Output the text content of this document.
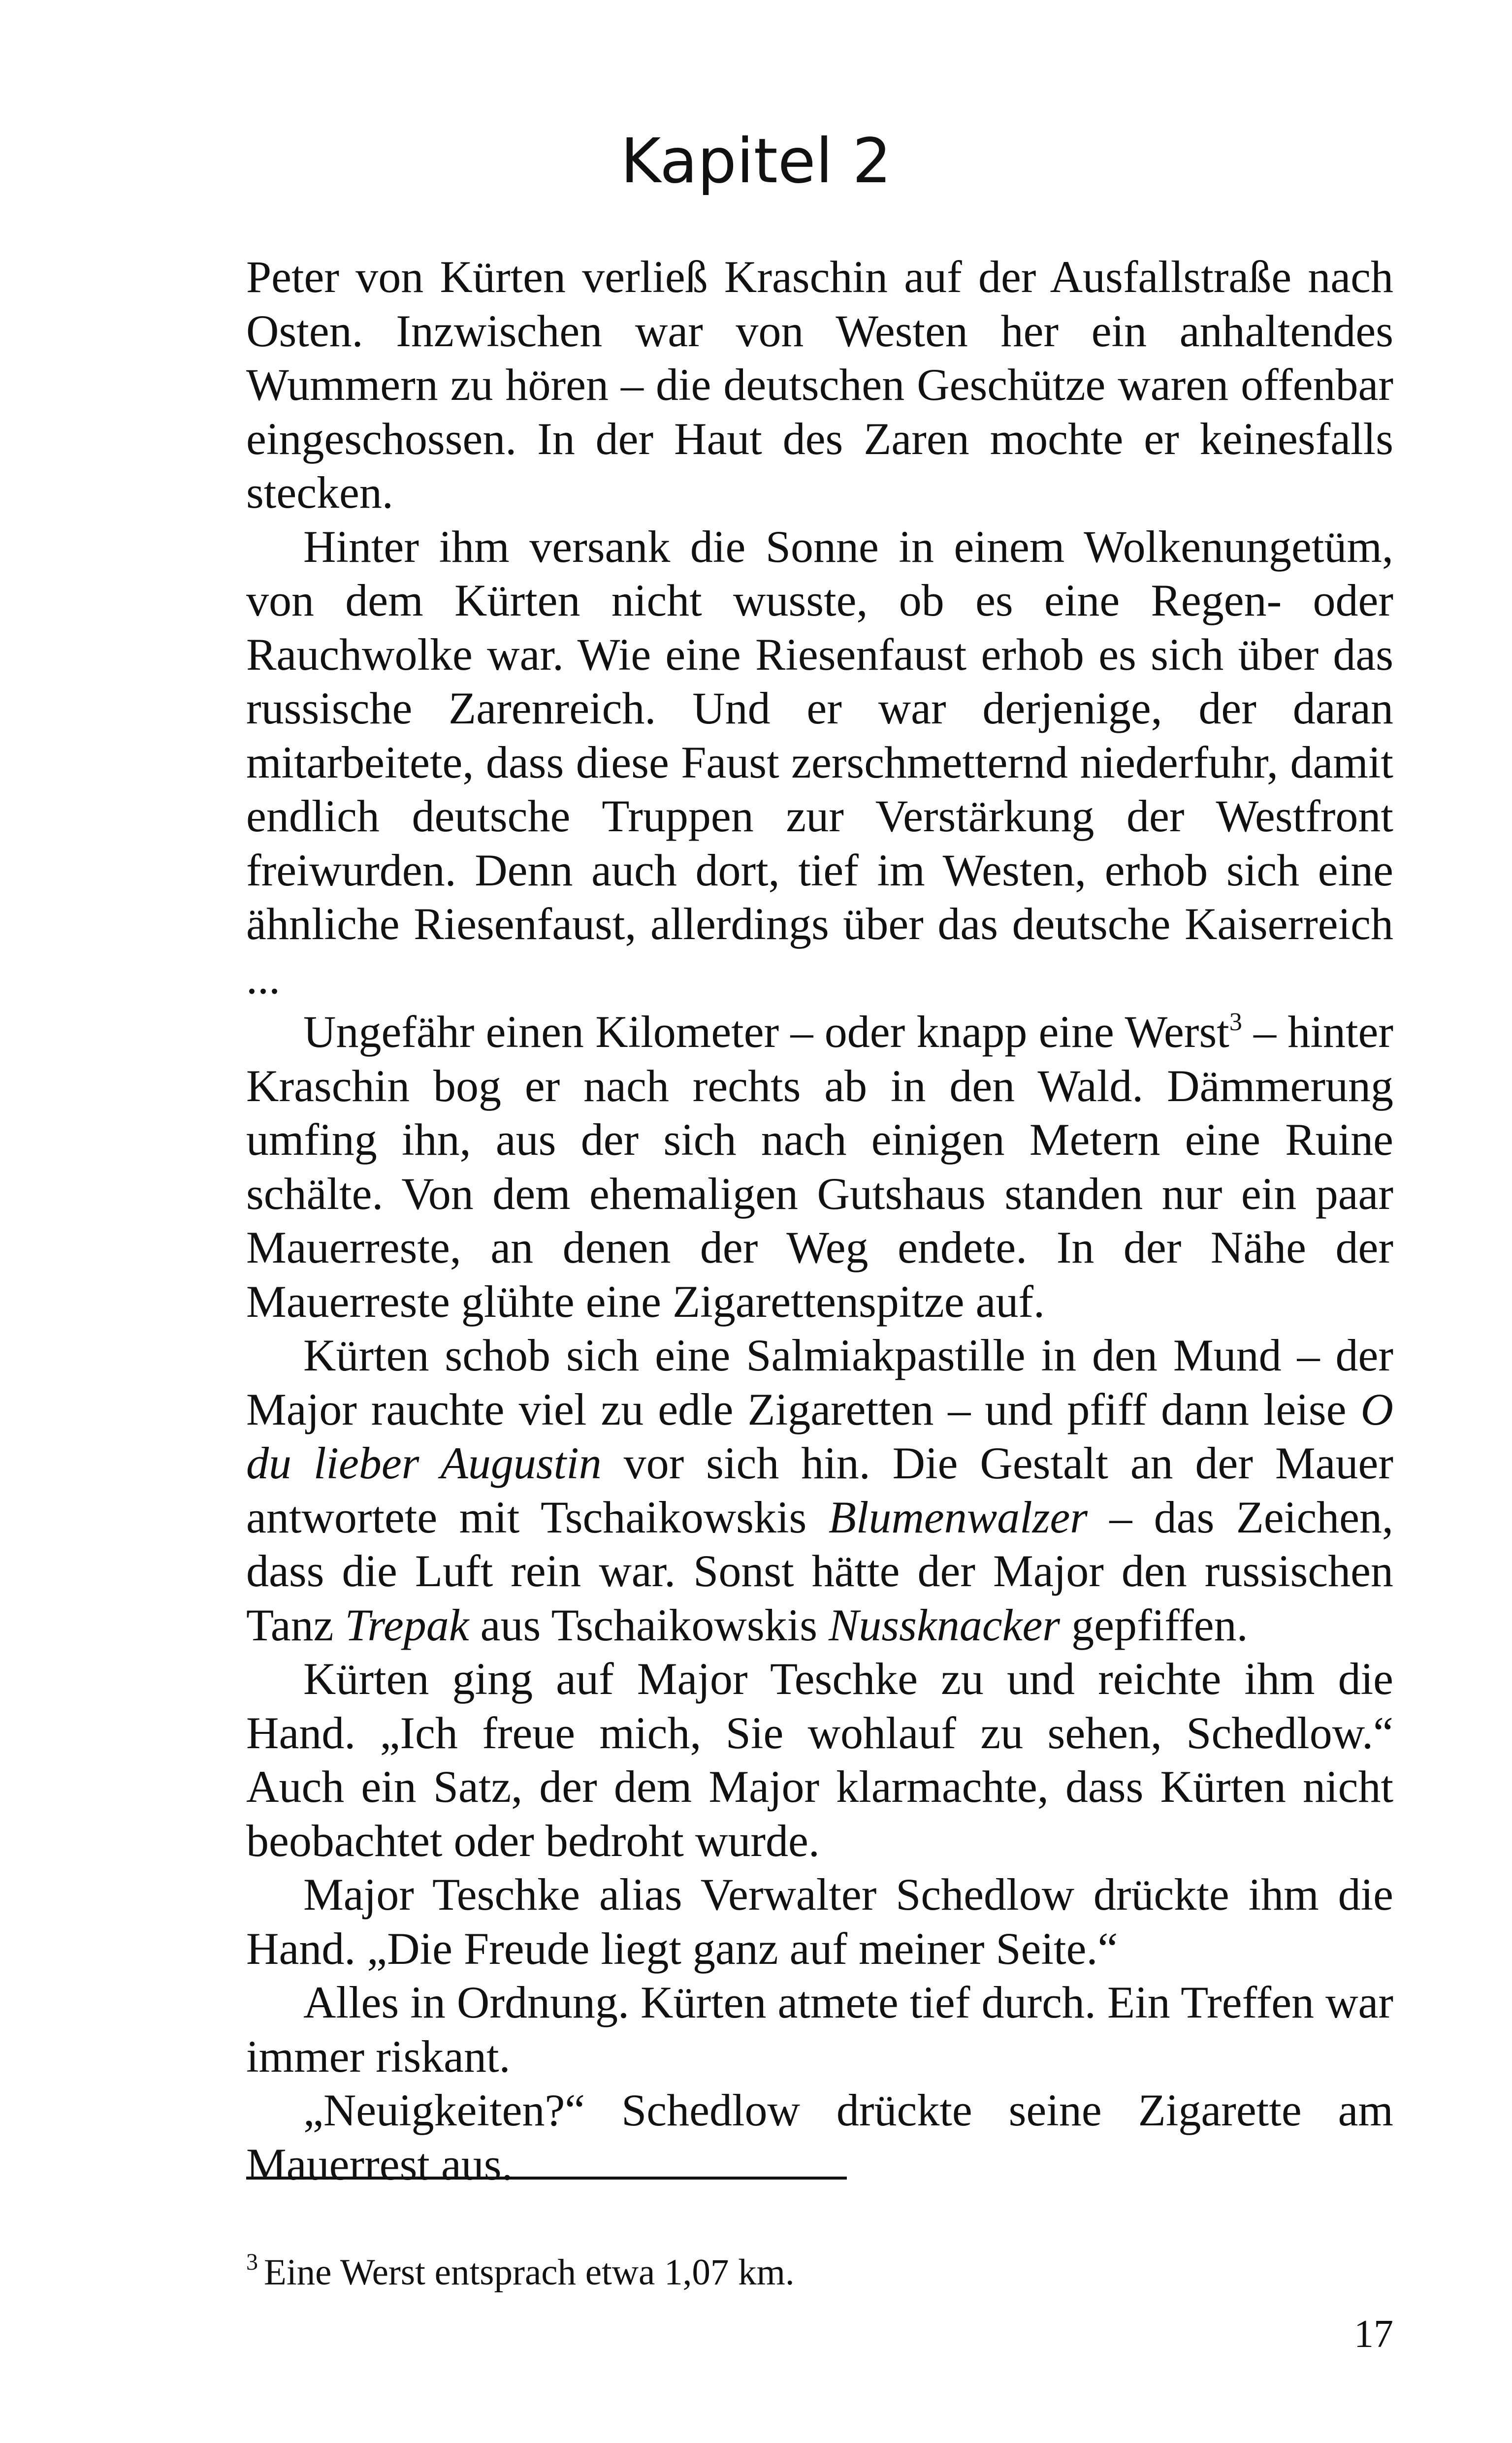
Kapitel 2

Peter von Kürten verließ Kraschin auf der Ausfallstraße nach Osten. Inzwischen war von Westen her ein anhaltendes Wummern zu hören – die deutschen Geschütze waren offenbar eingeschossen. In der Haut des Zaren mochte er keinesfalls stecken.

Hinter ihm versank die Sonne in einem Wolkenungetüm, von dem Kürten nicht wusste, ob es eine Regen- oder Rauchwolke war. Wie eine Riesenfaust erhob es sich über das russische Zarenreich. Und er war derjenige, der daran mitarbeitete, dass diese Faust zerschmetternd niederfuhr, damit endlich deutsche Truppen zur Verstärkung der Westfront freiwurden. Denn auch dort, tief im Westen, erhob sich eine ähnliche Riesenfaust, allerdings über das deutsche Kaiserreich ...

Ungefähr einen Kilometer – oder knapp eine Werst$^3$ – hinter Kraschin bog er nach rechts ab in den Wald. Dämmerung umfing ihn, aus der sich nach einigen Metern eine Ruine schälte. Von dem ehemaligen Gutshaus standen nur ein paar Mauerreste, an denen der Weg endete. In der Nähe der Mauerreste glühte eine Zigarettenspitze auf.

Kürten schob sich eine Salmiakpastille in den Mund – der Major rauchte viel zu edle Zigaretten – und pfiff dann leise O du lieber Augustin vor sich hin. Die Gestalt an der Mauer antwortete mit Tschaikowskis Blumenwalzer – das Zeichen, dass die Luft rein war. Sonst hätte der Major den russischen Tanz Trepak aus Tschaikowskis Nussknacker gepfiffen.

Kürten ging auf Major Teschke zu und reichte ihm die Hand. „Ich freue mich, Sie wohlauf zu sehen, Schedlow.“ Auch ein Satz, der dem Major klarmachte, dass Kürten nicht beobachtet oder bedroht wurde.

Major Teschke alias Verwalter Schedlow drückte ihm die Hand. „Die Freude liegt ganz auf meiner Seite.“

Alles in Ordnung. Kürten atmete tief durch. Ein Treffen war immer riskant.

„Neuigkeiten?“ Schedlow drückte seine Zigarette am Mauerrest aus.

$^3$ Eine Werst entsprach etwa 1,07 km.
17
